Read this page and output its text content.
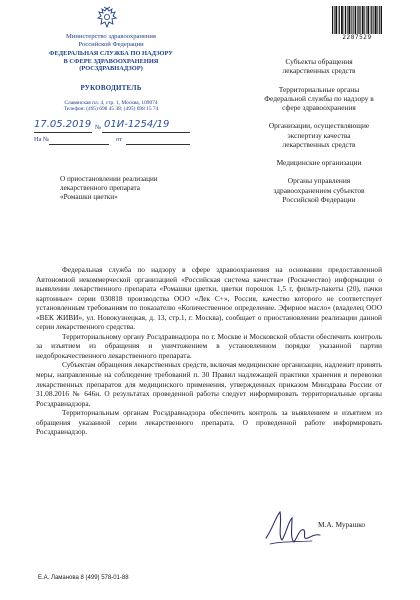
Министерство здравоохранения
Российской Федерации
ФЕДЕРАЛЬНАЯ СЛУЖБА ПО НАДЗОРУ
В СФЕРЕ ЗДРАВООХРАНЕНИЯ
(РОСЗДРАВНАДЗОР)
РУКОВОДИТЕЛЬ
Славянская пл. 4, стр. 1, Москва, 109074
Телефон: (495) 698 45 38; (495) 698 15 74
17.05.2019 № 01И-1254/19
На №	от
О приостановлении реализации
лекарственного препарата
«Ромашки цветки»
2287529
Субъекты обращения
лекарственных средств
Территориальные органы
Федеральной службы по надзору в
сфере здравоохранения
Организации, осуществляющие
экспертизу качества
лекарственных средств
Медицинские организации
Органы управления
здравоохранением субъектов
Российской Федерации

Федеральная служба по надзору в сфере здравоохранения на основании предоставленной Автономной некоммерческой организацией «Российская система качества» (Роскачество) информации о выявлении лекарственного препарата «Ромашки цветки, цветки порошок 1,5 г, фильтр-пакеты (20), пачки картонные» серии 030818 производства ООО «Лек С+», Россия, качество которого не соответствует установленным требованиям по показателю «Количественное определение. Эфирное масло» (владелец ООО «ВЕК ЖИВИ», ул. Новокузнецкая, д. 13, стр.1, г. Москва), сообщает о приостановлении реализации данной серии лекарственного средства.

Территориальному органу Росздравнадзора по г. Москве и Московской области обеспечить контроль за изъятием из обращения и уничтожением в установленном порядке указанной партии недоброкачественного лекарственного препарата.

Субъектам обращения лекарственных средств, включая медицинские организации, надлежит принять меры, направленные на соблюдение требований п. 30 Правил надлежащей практики хранения и перевозки лекарственных препаратов для медицинского применения, утвержденных приказом Минздрава России от 31.08.2016 № 646н. О результатах проведенной работы следует информировать территориальные органы Росздравнадзора.

Территориальным органам Росздравнадзора обеспечить контроль за выявлением и изъятием из обращения указанной серии лекарственного препарата. О проведенной работе информировать Росздравнадзор.

М.А. Мурашко
Е.А. Ламанова 8 (499) 578-01-88
